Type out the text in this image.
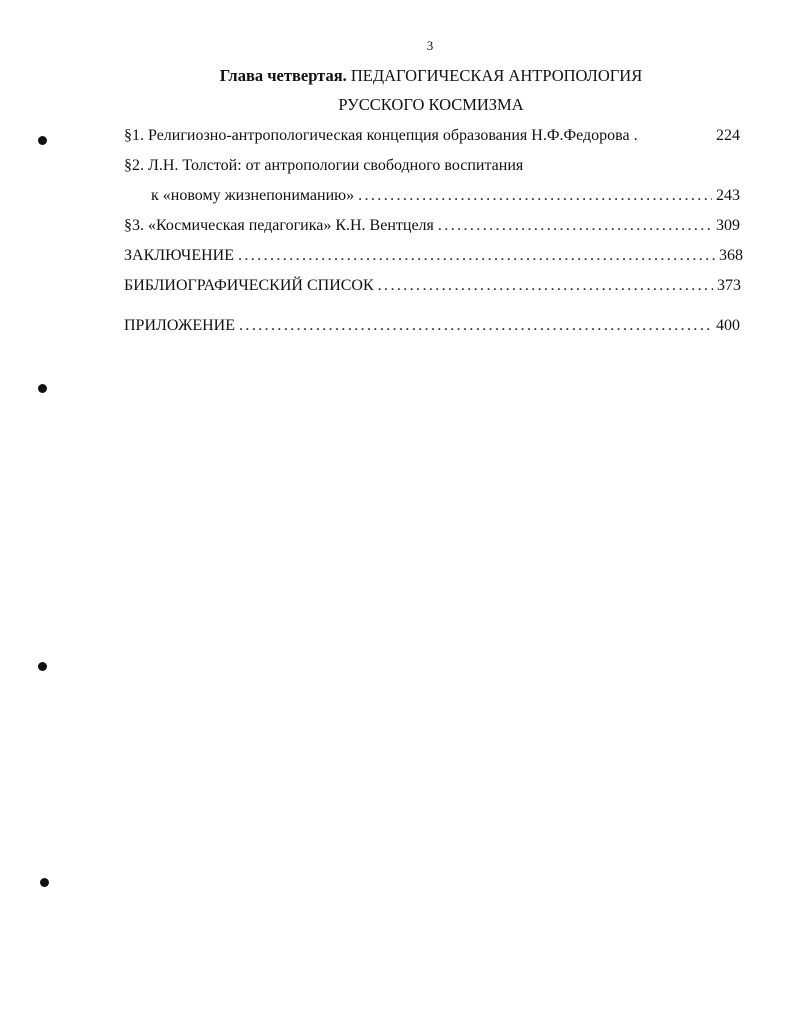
3
Глава четвертая. ПЕДАГОГИЧЕСКАЯ АНТРОПОЛОГИЯ
РУССКОГО КОСМИЗМА
§1. Религиозно-антропологическая концепция образования Н.Ф.Федорова .	224
§2. Л.Н. Толстой: от антропологии свободного воспитания
к «новому жизнепониманию» .....	243
§3. «Космическая педагогика» К.Н. Вентцеля .....	309
ЗАКЛЮЧЕНИЕ .....	368
БИБЛИОГРАФИЧЕСКИЙ СПИСОК .....	373
ПРИЛОЖЕНИЕ .....	400
